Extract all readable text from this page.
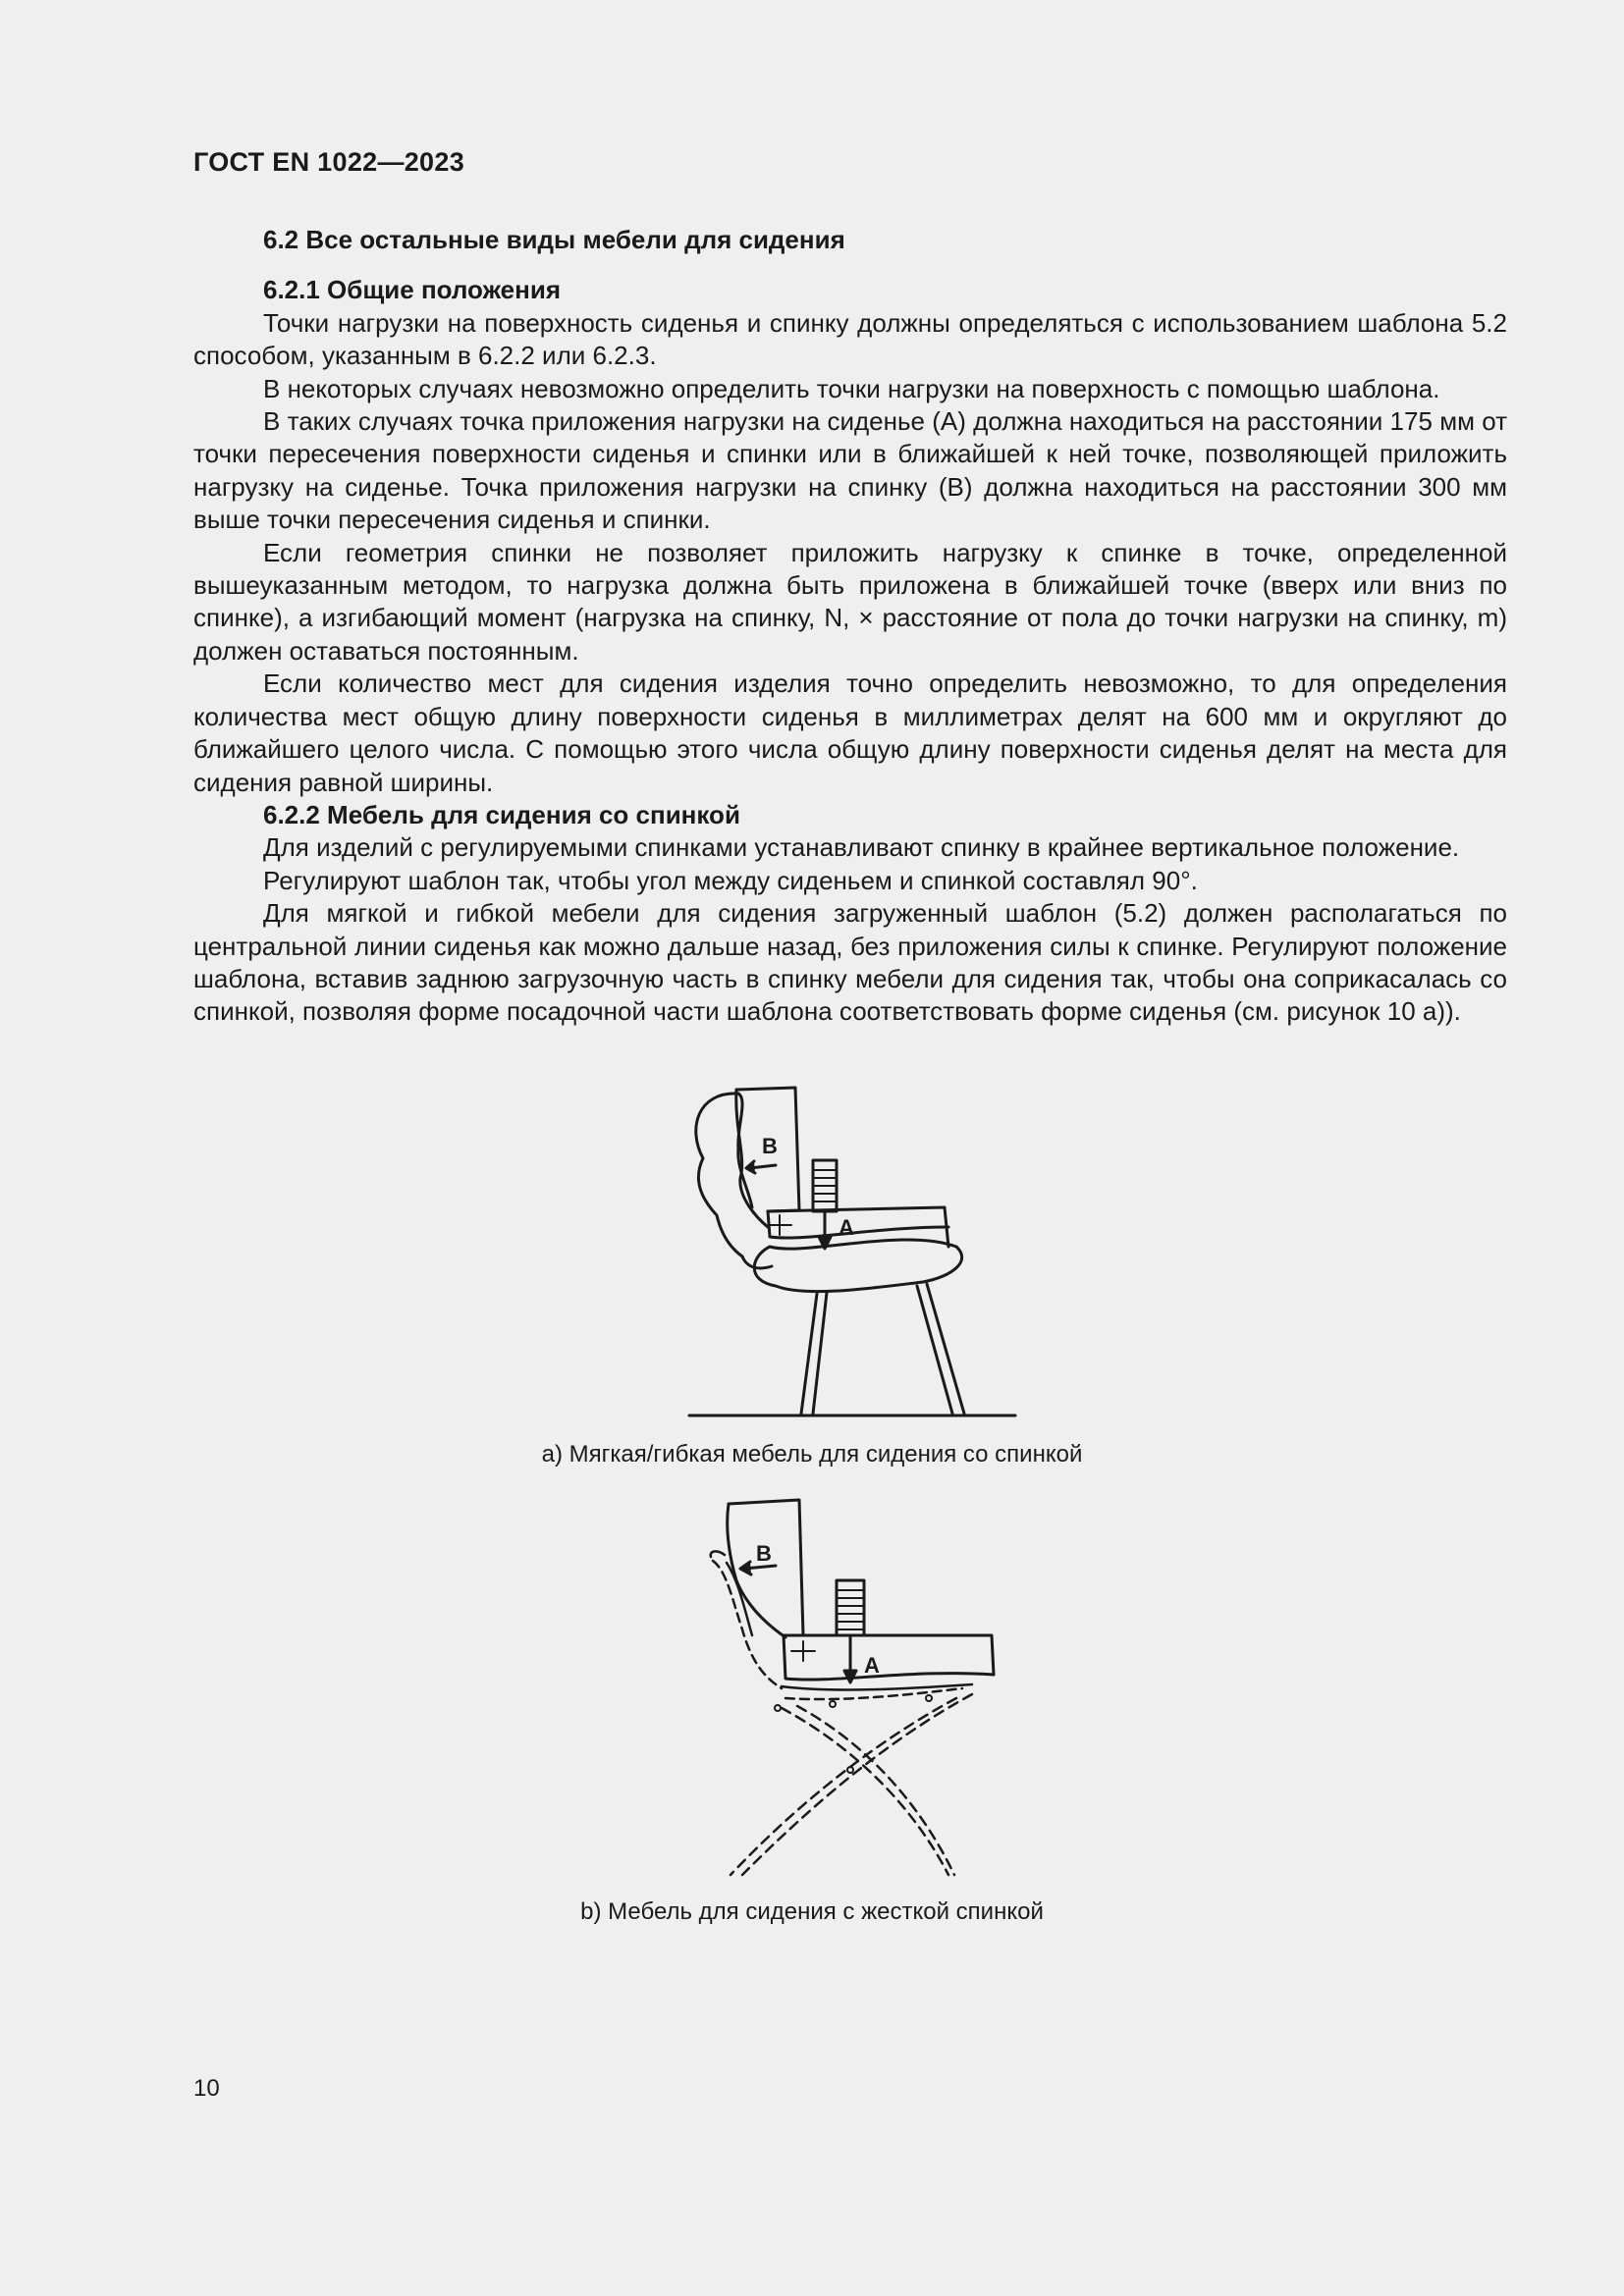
ГОСТ EN 1022—2023

6.2 Все остальные виды мебели для сидения

6.2.1 Общие положения

Точки нагрузки на поверхность сиденья и спинку должны определяться с использованием шаблона 5.2 способом, указанным в 6.2.2 или 6.2.3.

В некоторых случаях невозможно определить точки нагрузки на поверхность с помощью шаблона.

В таких случаях точка приложения нагрузки на сиденье (A) должна находиться на расстоянии 175 мм от точки пересечения поверхности сиденья и спинки или в ближайшей к ней точке, позволяющей приложить нагрузку на сиденье. Точка приложения нагрузки на спинку (B) должна находиться на расстоянии 300 мм выше точки пересечения сиденья и спинки.

Если геометрия спинки не позволяет приложить нагрузку к спинке в точке, определенной вышеуказанным методом, то нагрузка должна быть приложена в ближайшей точке (вверх или вниз по спинке), а изгибающий момент (нагрузка на спинку, N, × расстояние от пола до точки нагрузки на спинку, m) должен оставаться постоянным.

Если количество мест для сидения изделия точно определить невозможно, то для определения количества мест общую длину поверхности сиденья в миллиметрах делят на 600 мм и округляют до ближайшего целого числа. С помощью этого числа общую длину поверхности сиденья делят на места для сидения равной ширины.

6.2.2 Мебель для сидения со спинкой

Для изделий с регулируемыми спинками устанавливают спинку в крайнее вертикальное положение.

Регулируют шаблон так, чтобы угол между сиденьем и спинкой составлял 90°.

Для мягкой и гибкой мебели для сидения загруженный шаблон (5.2) должен располагаться по центральной линии сиденья как можно дальше назад, без приложения силы к спинке. Регулируют положение шаблона, вставив заднюю загрузочную часть в спинку мебели для сидения так, чтобы она соприкасалась со спинкой, позволяя форме посадочной части шаблона соответствовать форме сиденья (см. рисунок 10 а)).

B
A
a) Мягкая/гибкая мебель для сидения со спинкой
B
A
b) Мебель для сидения с жесткой спинкой
10
